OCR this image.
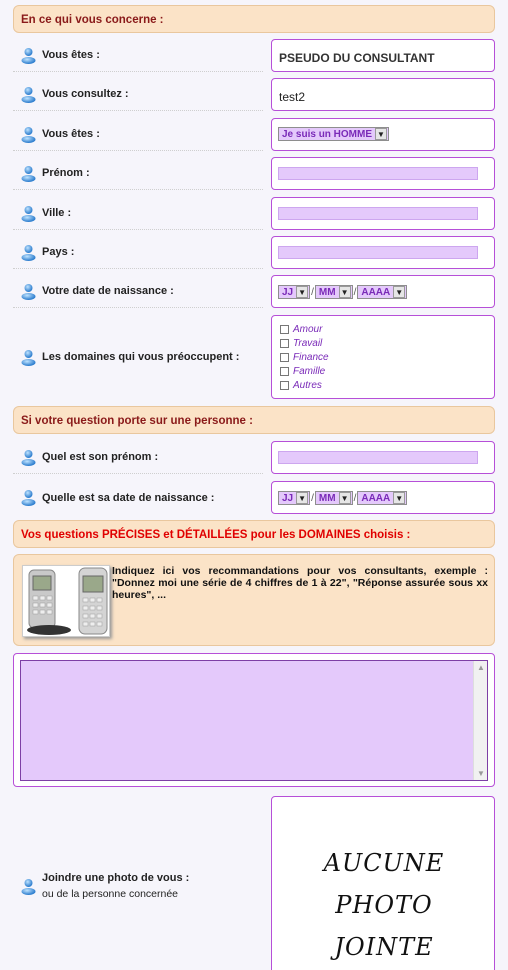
En ce qui vous concerne :
Vous êtes :	PSEUDO DU CONSULTANT
Vous consultez :	test2
Vous êtes :	Je suis un HOMME ▼
Prénom :
Ville :
Pays :
Votre date de naissance :	JJ ▼ / MM ▼ / AAAA ▼
Les domaines qui vous préoccupent :
Amour
Travail
Finance
Famille
Autres
Si votre question porte sur une personne :
Quel est son prénom :
Quelle est sa date de naissance :	JJ ▼ / MM ▼ / AAAA ▼
Vos questions PRÉCISES et DÉTAILLÉES pour les DOMAINES choisis :
Indiquez ici vos recommandations pour vos consultants, exemple : "Donnez moi une série de 4 chiffres de 1 à 22", "Réponse assurée sous xx heures", ...
▲
▼
Joindre une photo de vous :
ou de la personne concernée
AUCUNE
PHOTO
JOINTE
